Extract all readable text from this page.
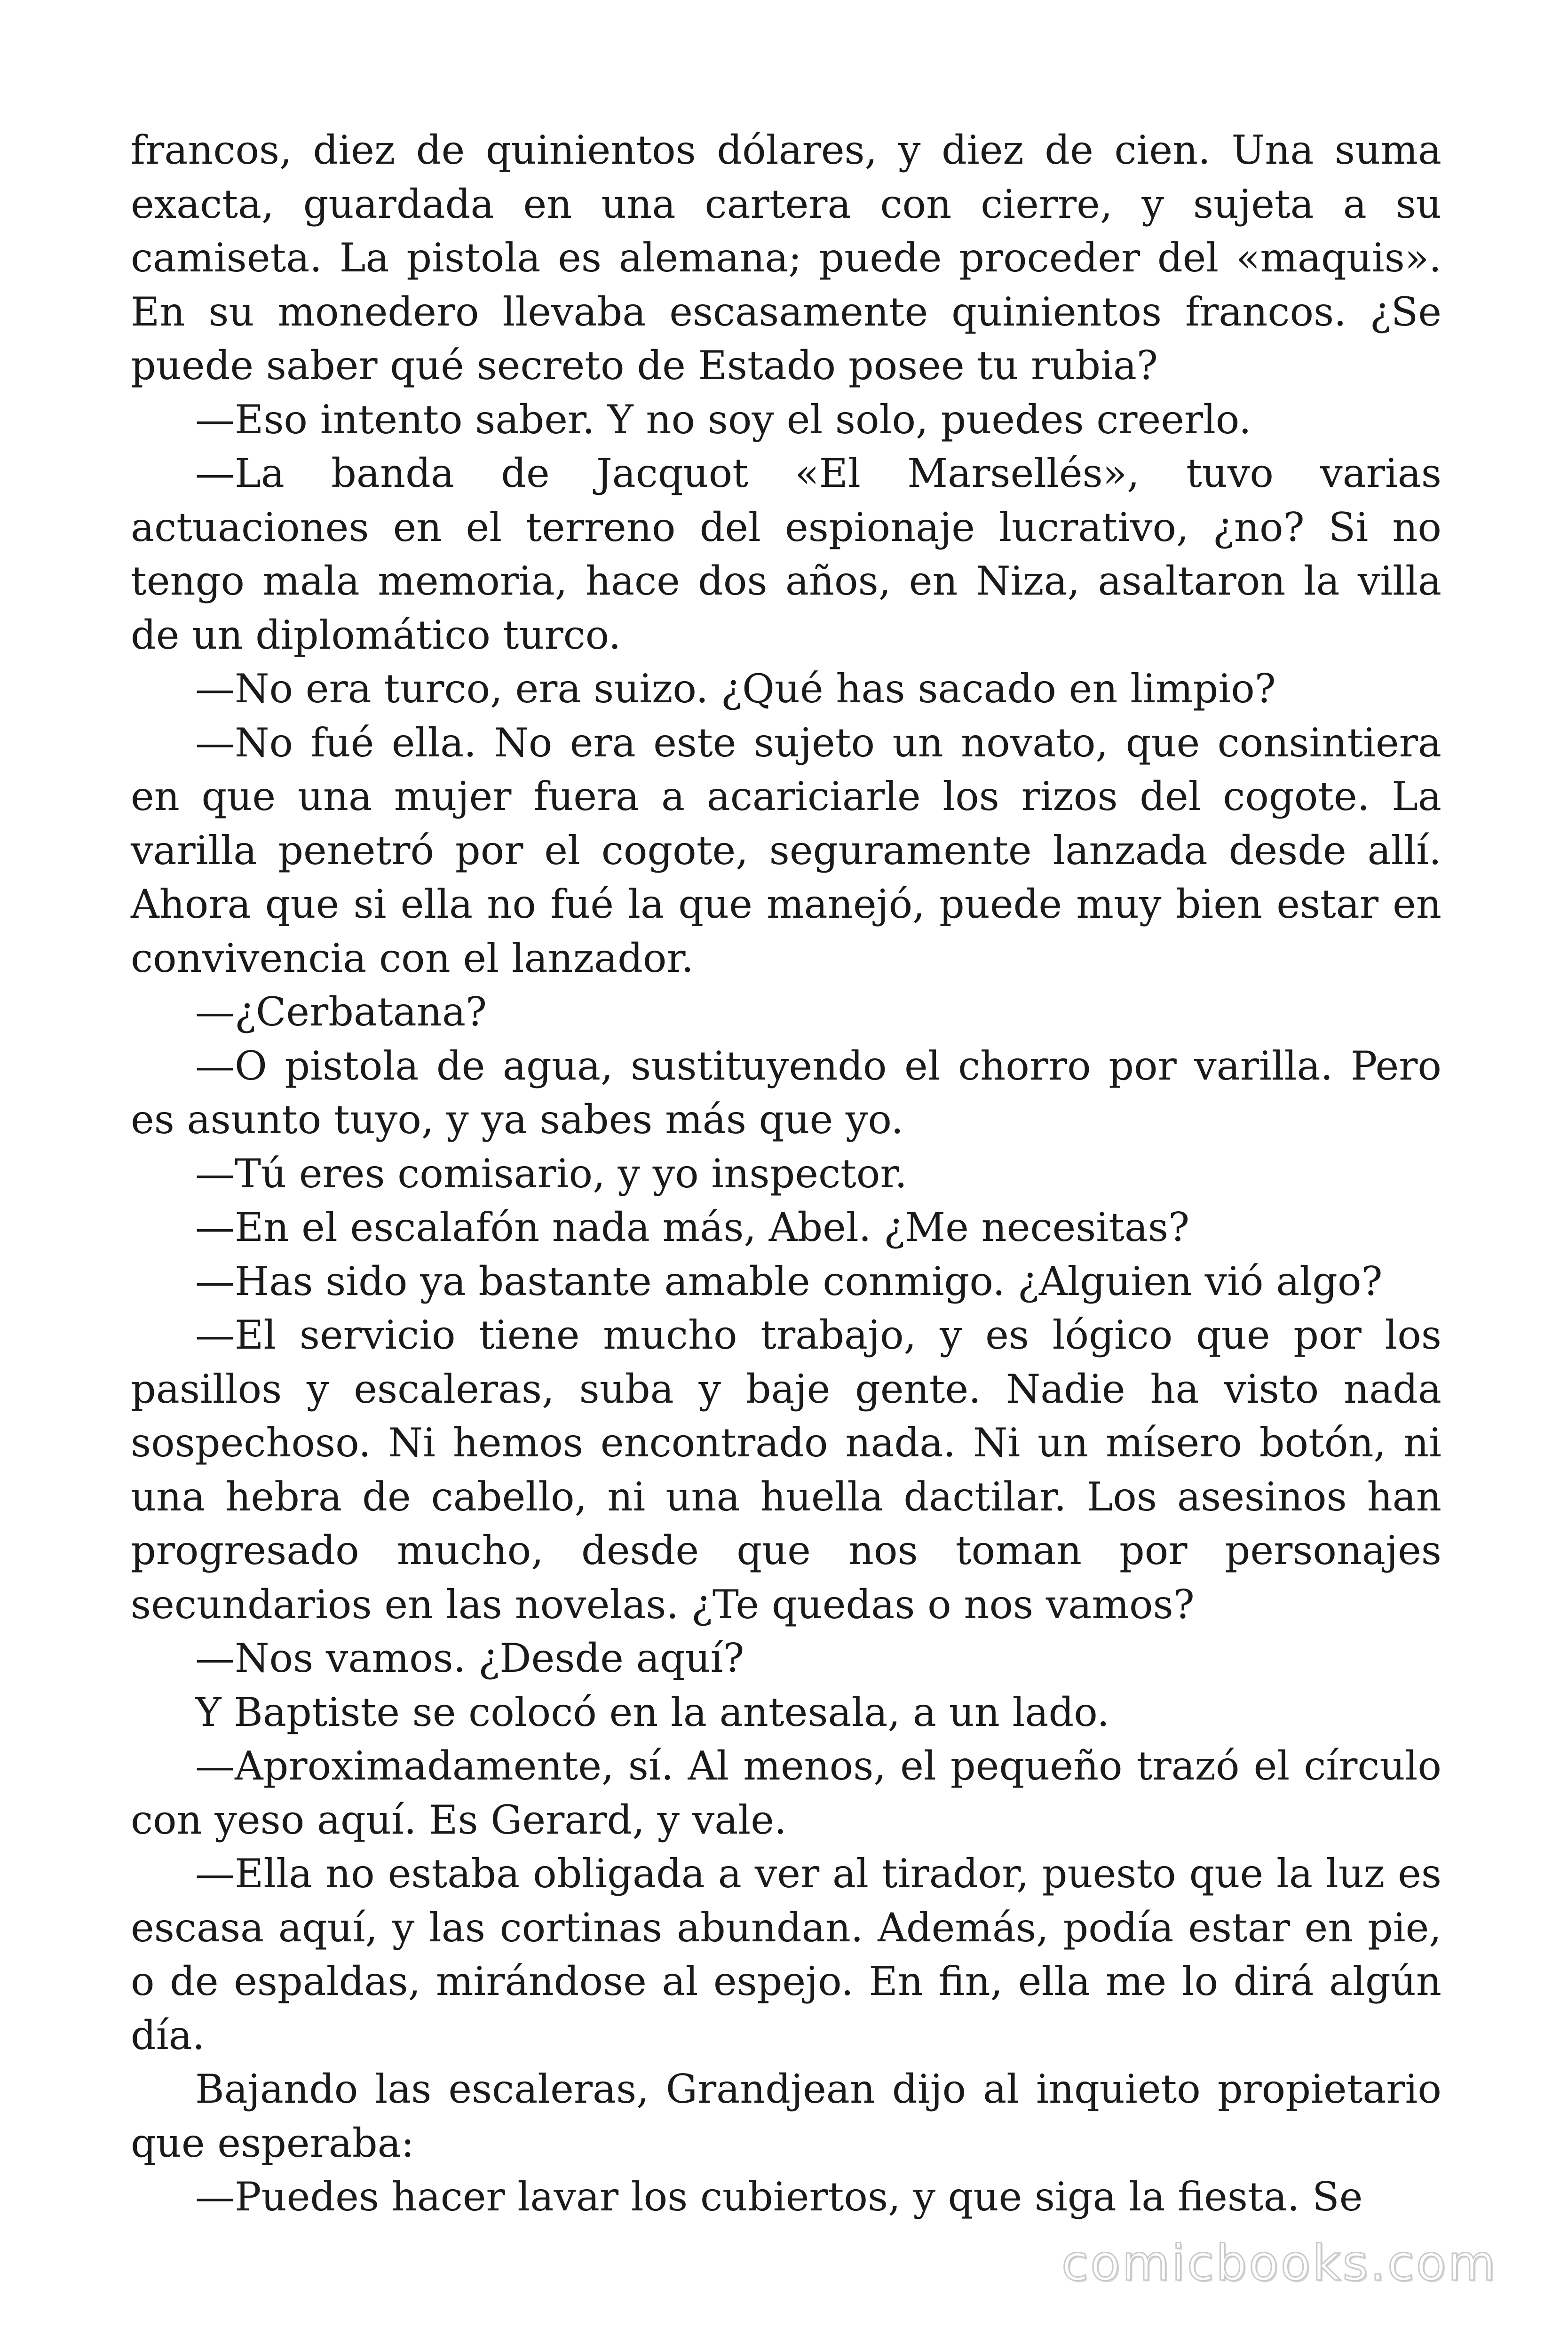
francos, diez de quinientos dólares, y diez de cien. Una suma exacta, guardada en una cartera con cierre, y sujeta a su camiseta. La pistola es alemana; puede proceder del «maquis». En su monedero llevaba escasamente quinientos francos. ¿Se puede saber qué secreto de Estado posee tu rubia?

—Eso intento saber. Y no soy el solo, puedes creerlo.

—La banda de Jacquot «El Marsellés», tuvo varias actuaciones en el terreno del espionaje lucrativo, ¿no? Si no tengo mala memoria, hace dos años, en Niza, asaltaron la villa de un diplomático turco.

—No era turco, era suizo. ¿Qué has sacado en limpio?

—No fué ella. No era este sujeto un novato, que consintiera en que una mujer fuera a acariciarle los rizos del cogote. La varilla penetró por el cogote, seguramente lanzada desde allí. Ahora que si ella no fué la que manejó, puede muy bien estar en convivencia con el lanzador.

—¿Cerbatana?

—O pistola de agua, sustituyendo el chorro por varilla. Pero es asunto tuyo, y ya sabes más que yo.

—Tú eres comisario, y yo inspector.

—En el escalafón nada más, Abel. ¿Me necesitas?

—Has sido ya bastante amable conmigo. ¿Alguien vió algo?

—El servicio tiene mucho trabajo, y es lógico que por los pasillos y escaleras, suba y baje gente. Nadie ha visto nada sospechoso. Ni hemos encontrado nada. Ni un mísero botón, ni una hebra de cabello, ni una huella dactilar. Los asesinos han progresado mucho, desde que nos toman por personajes secundarios en las novelas. ¿Te quedas o nos vamos?

—Nos vamos. ¿Desde aquí?

Y Baptiste se colocó en la antesala, a un lado.

—Aproximadamente, sí. Al menos, el pequeño trazó el círculo con yeso aquí. Es Gerard, y vale.

—Ella no estaba obligada a ver al tirador, puesto que la luz es escasa aquí, y las cortinas abundan. Además, podía estar en pie, o de espaldas, mirándose al espejo. En fin, ella me lo dirá algún día.

Bajando las escaleras, Grandjean dijo al inquieto propietario que esperaba:

—Puedes hacer lavar los cubiertos, y que siga la fiesta. Se

comicbooks.com
